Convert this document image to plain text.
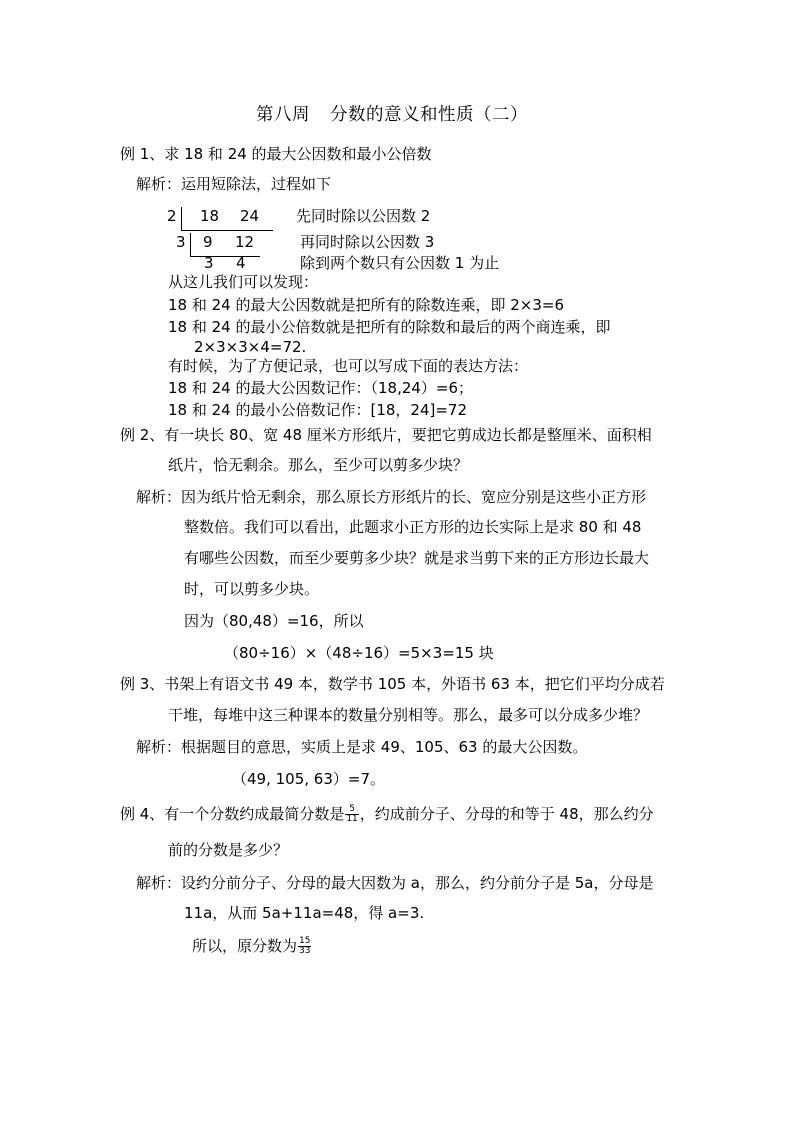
第八周 分数的意义和性质（二）
例 1、求 18 和 24 的最大公因数和最小公倍数
解析：运用短除法，过程如下
2 18 24 先同时除以公因数 2
3 9 12	再同时除以公因数 3
3 4	除到两个数只有公因数 1 为止
从这儿我们可以发现：
18 和 24 的最大公因数就是把所有的除数连乘，即 2×3=6
18 和 24 的最小公倍数就是把所有的除数和最后的两个商连乘，即
2×3×3×4=72.
有时候，为了方便记录，也可以写成下面的表达方法：
18 和 24 的最大公因数记作：（18,24）=6；
18 和 24 的最小公倍数记作：[18，24]=72
例 2、有一块长 80、宽 48 厘米方形纸片，要把它剪成边长都是整厘米、面积相
纸片，恰无剩余。那么，至少可以剪多少块？
解析：因为纸片恰无剩余，那么原长方形纸片的长、宽应分别是这些小正方形
整数倍。我们可以看出，此题求小正方形的边长实际上是求 80 和 48
有哪些公因数，而至少要剪多少块？就是求当剪下来的正方形边长最大
时，可以剪多少块。
因为（80,48）=16，所以
（80÷16）×（48÷16）=5×3=15 块
例 3、书架上有语文书 49 本，数学书 105 本，外语书 63 本，把它们平均分成若
干堆，每堆中这三种课本的数量分别相等。那么，最多可以分成多少堆？
解析：根据题目的意思，实质上是求 49、105、63 的最大公因数。
（49, 105, 63）=7。
例 4、有一个分数约成最简分数是 $\frac{5}{11}$ ，约成前分子、分母的和等于 48，那么约分
前的分数是多少？
解析：设约分前分子、分母的最大因数为 a，那么，约分前分子是 5a，分母是
11a，从而 5a+11a=48，得 a=3.
所以，原分数为 $\frac{15}{33}$
